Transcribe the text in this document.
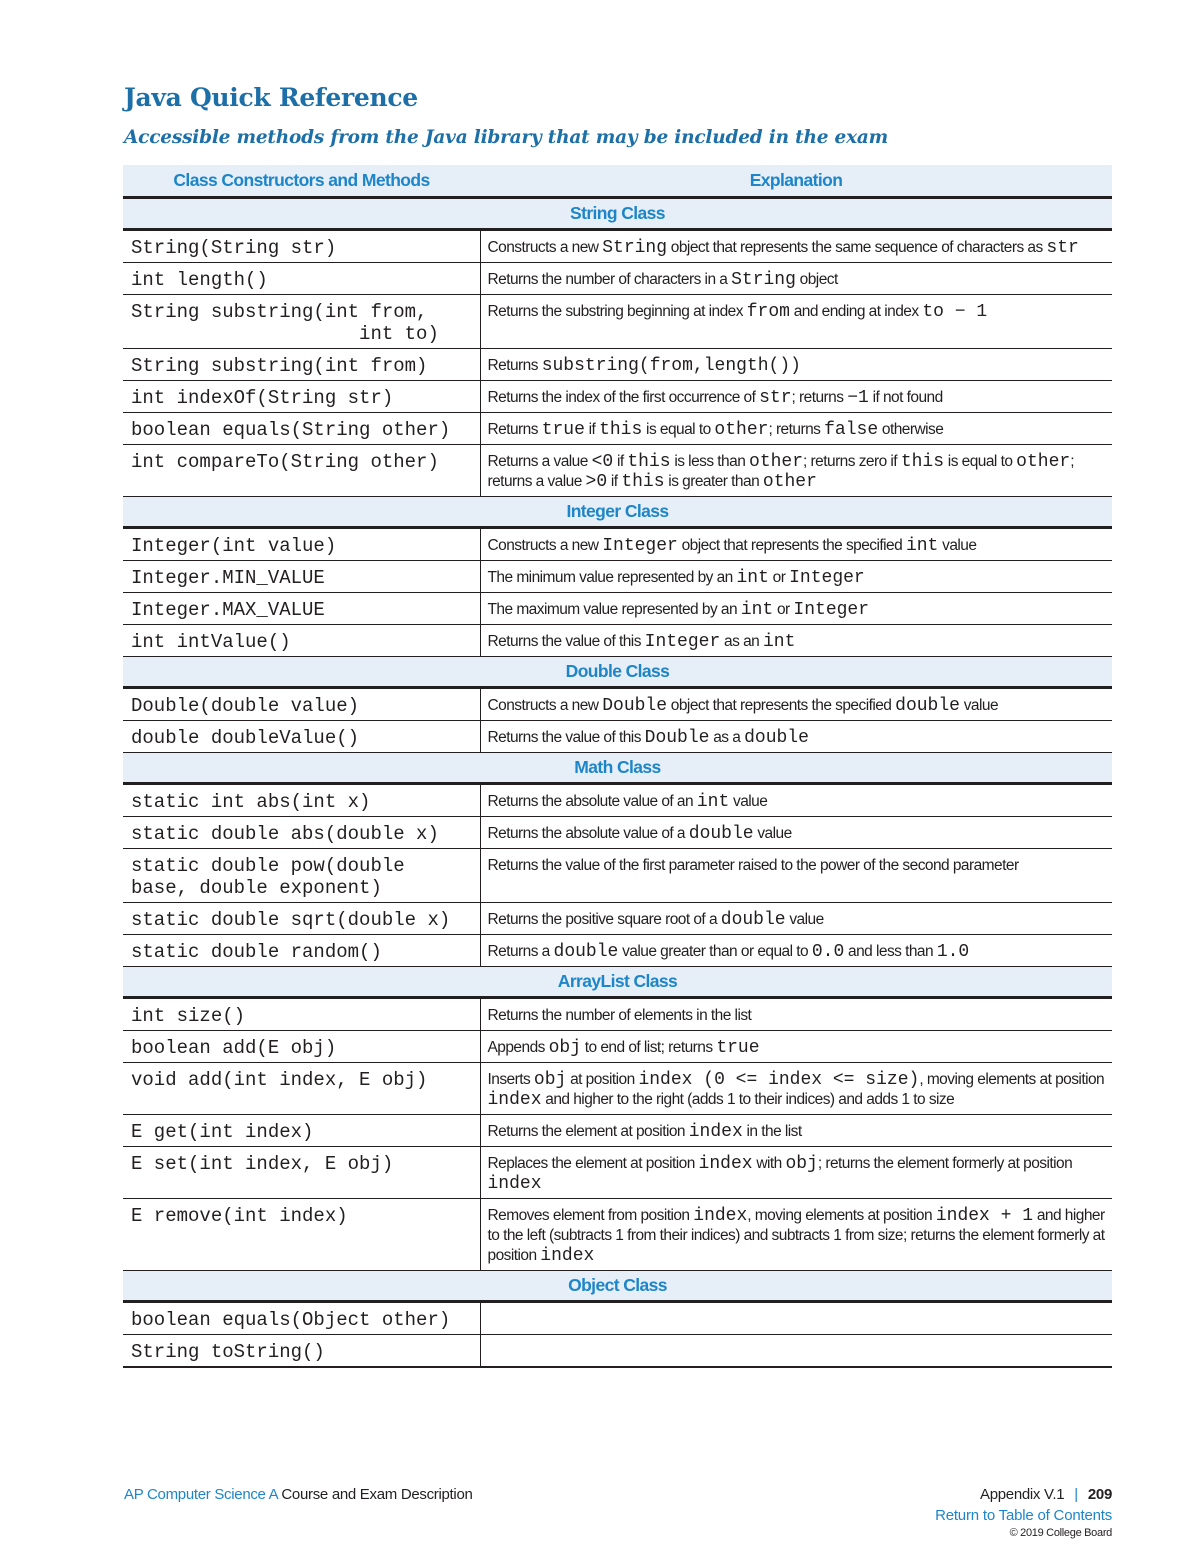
Java Quick Reference
Accessible methods from the Java library that may be included in the exam
Class Constructors and Methods	Explanation
String Class	
String(String str)	Constructs a new String object that represents the same sequence of characters as str
int length()	Returns the number of characters in a String object
String substring(int from,
int to)	Returns the substring beginning at index from and ending at index to − 1
String substring(int from)	Returns substring(from,length())
int indexOf(String str)	Returns the index of the first occurrence of str; returns −1 if not found
boolean equals(String other)	Returns true if this is equal to other; returns false otherwise
int compareTo(String other)	Returns a value <0 if this is less than other; returns zero if this is equal to other; returns a value >0 if this is greater than other
Integer Class	
Integer(int value)	Constructs a new Integer object that represents the specified int value
Integer.MIN_VALUE	The minimum value represented by an int or Integer
Integer.MAX_VALUE	The maximum value represented by an int or Integer
int intValue()	Returns the value of this Integer as an int
Double Class	
Double(double value)	Constructs a new Double object that represents the specified double value
double doubleValue()	Returns the value of this Double as a double
Math Class	
static int abs(int x)	Returns the absolute value of an int value
static double abs(double x)	Returns the absolute value of a double value
static double pow(double
base, double exponent)	Returns the value of the first parameter raised to the power of the second parameter
static double sqrt(double x)	Returns the positive square root of a double value
static double random()	Returns a double value greater than or equal to 0.0 and less than 1.0
ArrayList Class	
int size()	Returns the number of elements in the list
boolean add(E obj)	Appends obj to end of list; returns true
void add(int index, E obj)	Inserts obj at position index (0 <= index <= size), moving elements at position index and higher to the right (adds 1 to their indices) and adds 1 to size
E get(int index)	Returns the element at position index in the list
E set(int index, E obj)	Replaces the element at position index with obj; returns the element formerly at position index
E remove(int index)	Removes element from position index, moving elements at position index + 1 and higher to the left (subtracts 1 from their indices) and subtracts 1 from size; returns the element formerly at position index
Object Class	
boolean equals(Object other)	
String toString()	
AP Computer Science A Course and Exam Description	Appendix V.1 | 209
Return to Table of Contents
© 2019 College Board
